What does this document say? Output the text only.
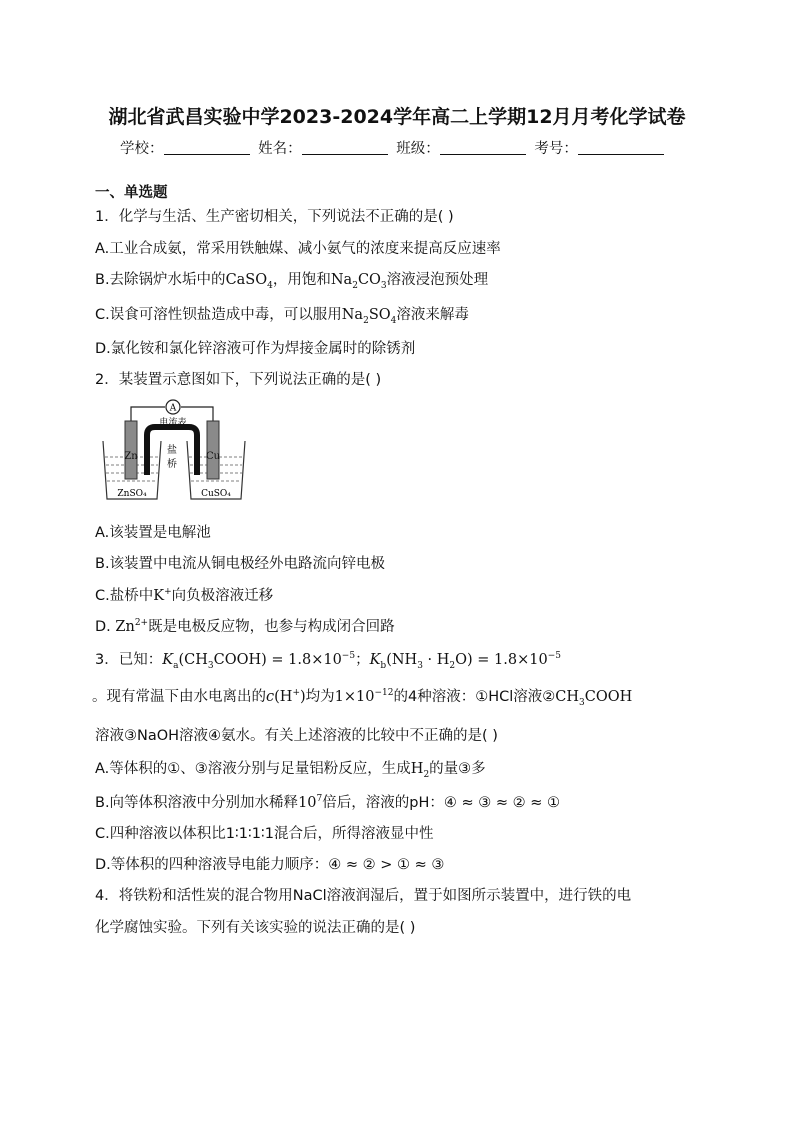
湖北省武昌实验中学2023-2024学年高二上学期12月月考化学试卷
学校：	姓名：	班级：	考号：
一、单选题
1．化学与生活、生产密切相关，下列说法不正确的是( )
A.工业合成氨，常采用铁触媒、减小氨气的浓度来提高反应速率
B.去除锅炉水垢中的CaSO$_4$，用饱和$Na_2CO_3$溶液浸泡预处理
C.误食可溶性钡盐造成中毒，可以服用$Na_2SO_4$溶液来解毒
D.氯化铵和氯化锌溶液可作为焊接金属时的除锈剂
2．某装置示意图如下，下列说法正确的是( )
A
电流表
Zn	Cu
盐
桥
ZnSO₄	CuSO₄
A.该装置是电解池
B.该装置中电流从铜电极经外电路流向锌电极
C.盐桥中K+向负极溶液迁移
D. $Zn^{2+}$既是电极反应物，也参与构成闭合回路
3．已知：$K_a(CH_3COOH) = 1.8\times 10^{-5}$；$K_b(NH_3 \cdot H_2O) = 1.8\times 10^{-5}$
。现有常温下由水电离出的c(H+)均为$1\times 10^{-12}$的4种溶液：①HCl溶液$②CH_3COOH$
溶液③NaOH溶液④氨水。有关上述溶液的比较中不正确的是( )
A.等体积的①、③溶液分别与足量铝粉反应，生成$H_2$的量③多
B.向等体积溶液中分别加水稀释$10^7$倍后，溶液的pH：④ ≈ ③ ≈ ② ≈ ①
C.四种溶液以体积比1∶1∶1∶1混合后，所得溶液显中性
D.等体积的四种溶液导电能力顺序：④ ≈ ② > ① ≈ ③
4．将铁粉和活性炭的混合物用NaCl溶液润湿后，置于如图所示装置中，进行铁的电
化学腐蚀实验。下列有关该实验的说法正确的是( )
